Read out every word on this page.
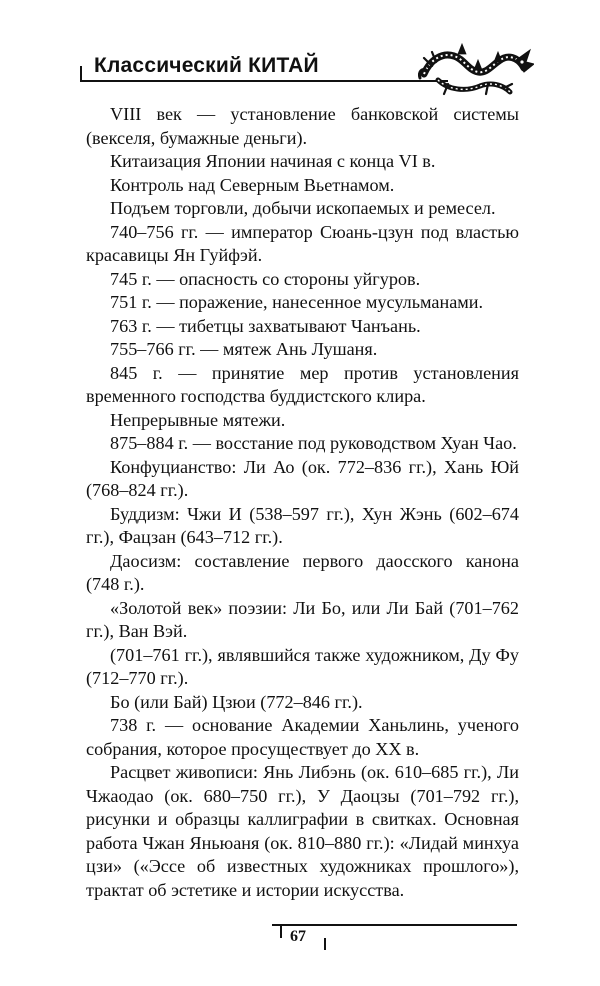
Классический КИТАЙ

VIII век — установление банковской системы (векселя, бумажные деньги).

Китаизация Японии начиная с конца VI в.

Контроль над Северным Вьетнамом.

Подъем торговли, добычи ископаемых и ремесел.

740–756 гг. — император Сюань-цзун под властью красавицы Ян Гуйфэй.

745 г. — опасность со стороны уйгуров.

751 г. — поражение, нанесенное мусульманами.

763 г. — тибетцы захватывают Чанъань.

755–766 гг. — мятеж Ань Лушаня.

845 г. — принятие мер против установления временного господства буддистского клира.

Непрерывные мятежи.

875–884 г. — восстание под руководством Хуан Чао.

Конфуцианство: Ли Ао (ок. 772–836 гг.), Хань Юй (768–824 гг.).

Буддизм: Чжи И (538–597 гг.), Хун Жэнь (602–674 гг.), Фацзан (643–712 гг.).

Даосизм: составление первого даосского канона (748 г.).

«Золотой век» поэзии: Ли Бо, или Ли Бай (701–762 гг.), Ван Вэй.

(701–761 гг.), являвшийся также художником, Ду Фу (712–770 гг.).

Бо (или Бай) Цзюи (772–846 гг.).

738 г. — основание Академии Ханьлинь, ученого собрания, которое просуществует до XX в.

Расцвет живописи: Янь Либэнь (ок. 610–685 гг.), Ли Чжаодао (ок. 680–750 гг.), У Даоцзы (701–792 гг.), рисунки и образцы каллиграфии в свитках. Основная работа Чжан Яньюаня (ок. 810–880 гг.): «Лидай минхуа цзи» («Эссе об известных художниках прошлого»), трактат об эстетике и истории искусства.

67
